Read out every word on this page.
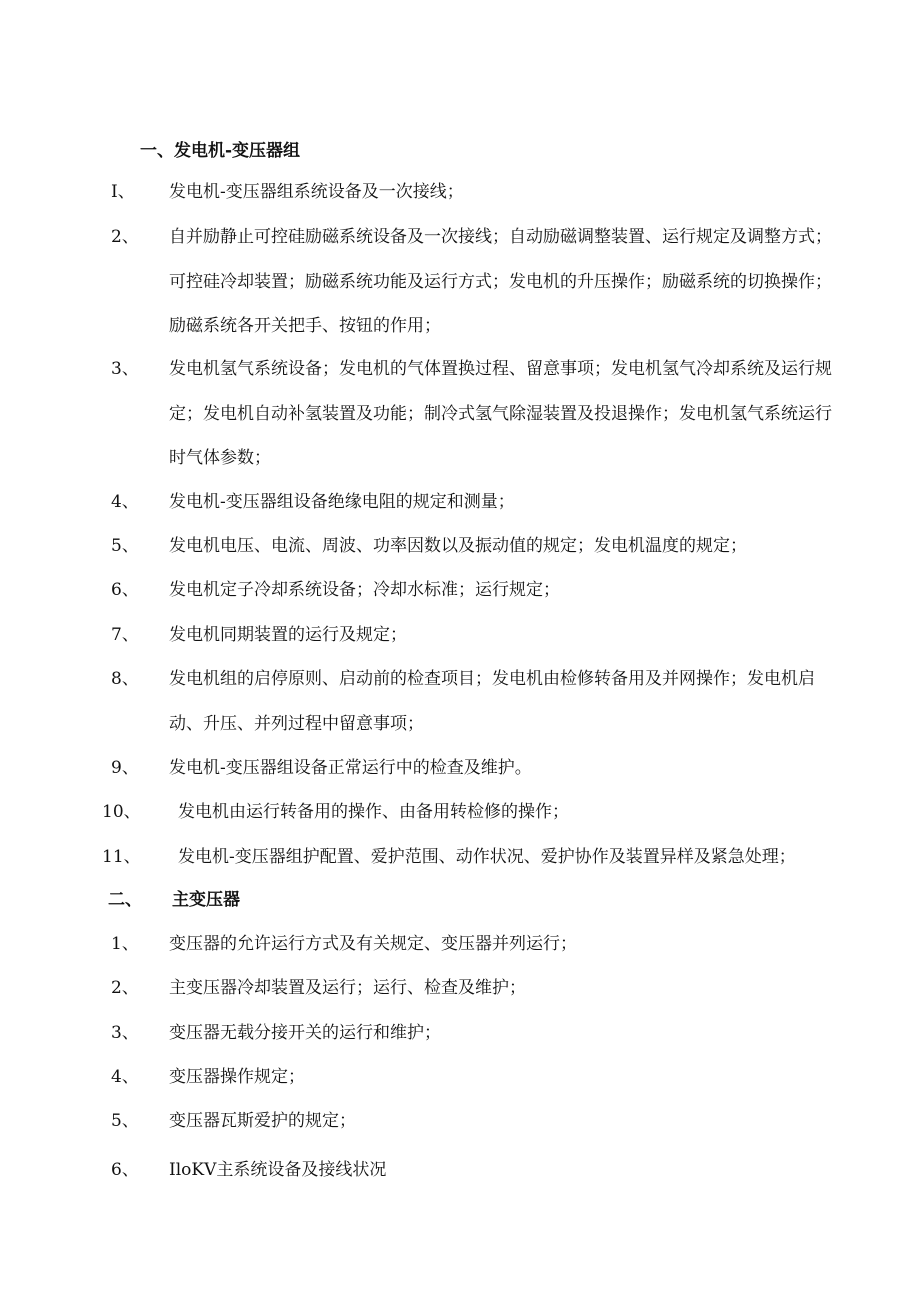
一、发电机-变压器组
I、 发电机-变压器组系统设备及一次接线；
2、 自并励静止可控硅励磁系统设备及一次接线；自动励磁调整装置、运行规定及调整方式；可控硅冷却装置；励磁系统功能及运行方式；发电机的升压操作；励磁系统的切换操作；励磁系统各开关把手、按钮的作用；
3、 发电机氢气系统设备；发电机的气体置换过程、留意事项；发电机氢气冷却系统及运行规定；发电机自动补氢装置及功能；制冷式氢气除湿装置及投退操作；发电机氢气系统运行时气体参数；
4、 发电机-变压器组设备绝缘电阻的规定和测量；
5、 发电机电压、电流、周波、功率因数以及振动值的规定；发电机温度的规定；
6、 发电机定子冷却系统设备；冷却水标准；运行规定；
7、 发电机同期装置的运行及规定；
8、 发电机组的启停原则、启动前的检查项目；发电机由检修转备用及并网操作；发电机启动、升压、并列过程中留意事项；
9、 发电机-变压器组设备正常运行中的检查及维护。
10、 发电机由运行转备用的操作、由备用转检修的操作；
11、 发电机-变压器组护配置、爱护范围、动作状况、爱护协作及装置异样及紧急处理；
二、 主变压器
1、 变压器的允许运行方式及有关规定、变压器并列运行；
2、 主变压器冷却装置及运行；运行、检查及维护；
3、 变压器无载分接开关的运行和维护；
4、 变压器操作规定；
5、 变压器瓦斯爱护的规定；
6、 IloKV主系统设备及接线状况
